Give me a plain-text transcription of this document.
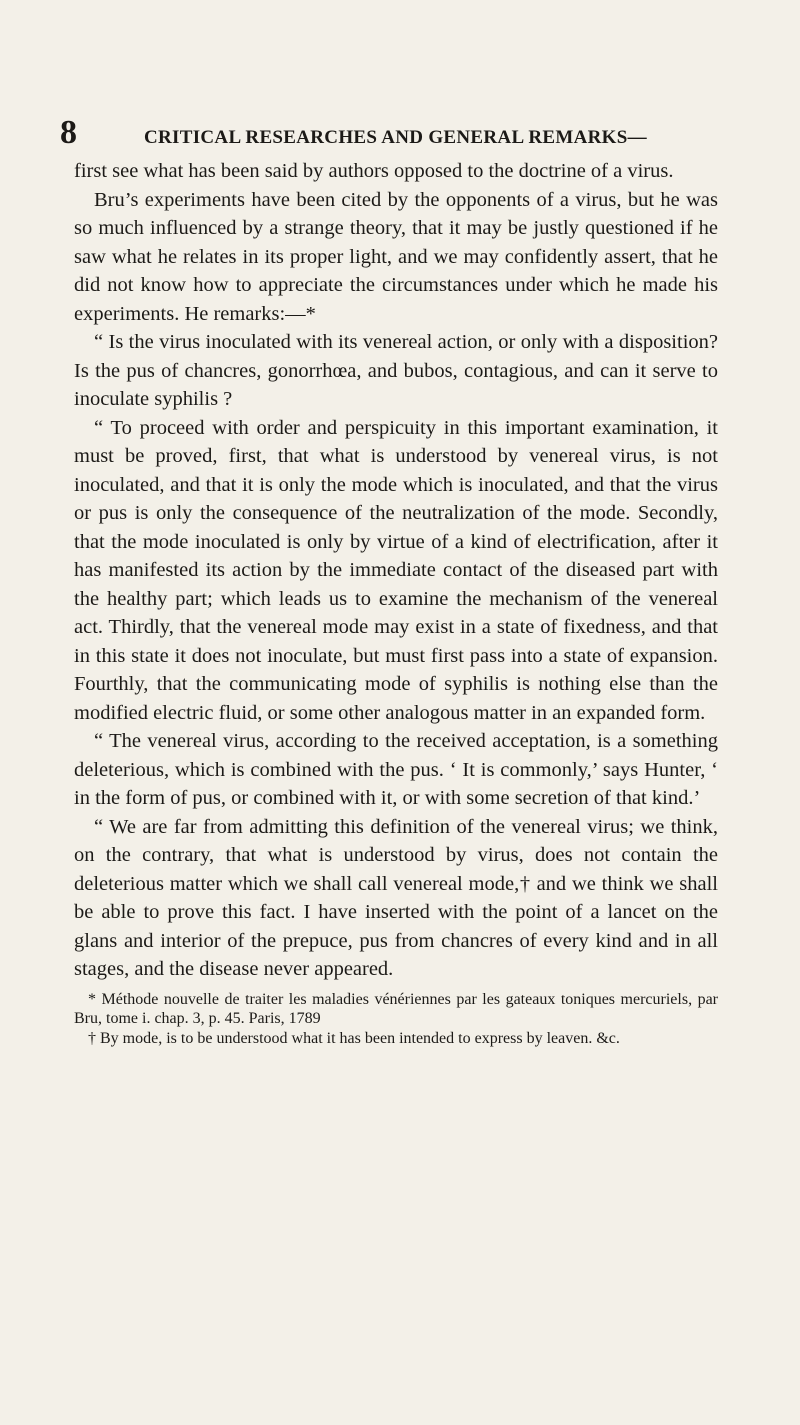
8	CRITICAL RESEARCHES AND GENERAL REMARKS—

first see what has been said by authors opposed to the doctrine of a virus.

Bru’s experiments have been cited by the opponents of a virus, but he was so much influenced by a strange theory, that it may be justly questioned if he saw what he relates in its proper light, and we may confidently assert, that he did not know how to appreciate the circumstances under which he made his experiments. He remarks:—*

“ Is the virus inoculated with its venereal action, or only with a disposition? Is the pus of chancres, gonorrhœa, and bubos, contagious, and can it serve to inoculate syphilis ?

“ To proceed with order and perspicuity in this important examination, it must be proved, first, that what is understood by venereal virus, is not inoculated, and that it is only the mode which is inoculated, and that the virus or pus is only the consequence of the neutralization of the mode. Secondly, that the mode inoculated is only by virtue of a kind of electrification, after it has manifested its action by the immediate contact of the diseased part with the healthy part; which leads us to examine the mechanism of the venereal act. Thirdly, that the venereal mode may exist in a state of fixedness, and that in this state it does not inoculate, but must first pass into a state of expansion. Fourthly, that the communicating mode of syphilis is nothing else than the modified electric fluid, or some other analogous matter in an expanded form.

“ The venereal virus, according to the received acceptation, is a something deleterious, which is combined with the pus. ‘ It is commonly,’ says Hunter, ‘ in the form of pus, or combined with it, or with some secretion of that kind.’

“ We are far from admitting this definition of the venereal virus; we think, on the contrary, that what is understood by virus, does not contain the deleterious matter which we shall call venereal mode,† and we think we shall be able to prove this fact. I have inserted with the point of a lancet on the glans and interior of the prepuce, pus from chancres of every kind and in all stages, and the disease never appeared.

* Méthode nouvelle de traiter les maladies vénériennes par les gateaux toniques mercuriels, par Bru, tome i. chap. 3, p. 45. Paris, 1789

† By mode, is to be understood what it has been intended to express by leaven. &c.
